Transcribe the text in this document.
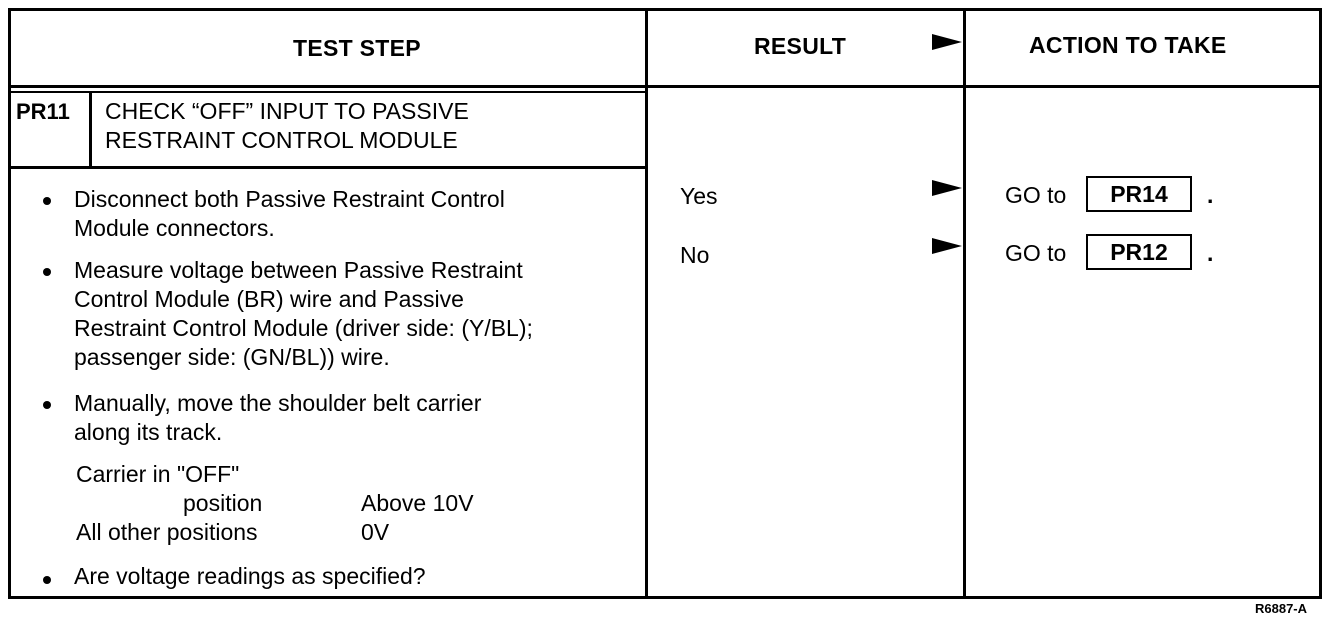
TEST STEP	RESULT	ACTION TO TAKE
PR11 CHECK “OFF” INPUT TO PASSIVE
RESTRAINT CONTROL MODULE
Disconnect both Passive Restraint Control
Module connectors.
Measure voltage between Passive Restraint
Control Module (BR) wire and Passive
Restraint Control Module (driver side: (Y/BL);
passenger side: (GN/BL)) wire.
Manually, move the shoulder belt carrier
along its track.
Carrier in "OFF"
position	Above 10V
All other positions	0V
Are voltage readings as specified?
Yes	GO to PR14 .
No	GO to PR12 .
R6887-A
